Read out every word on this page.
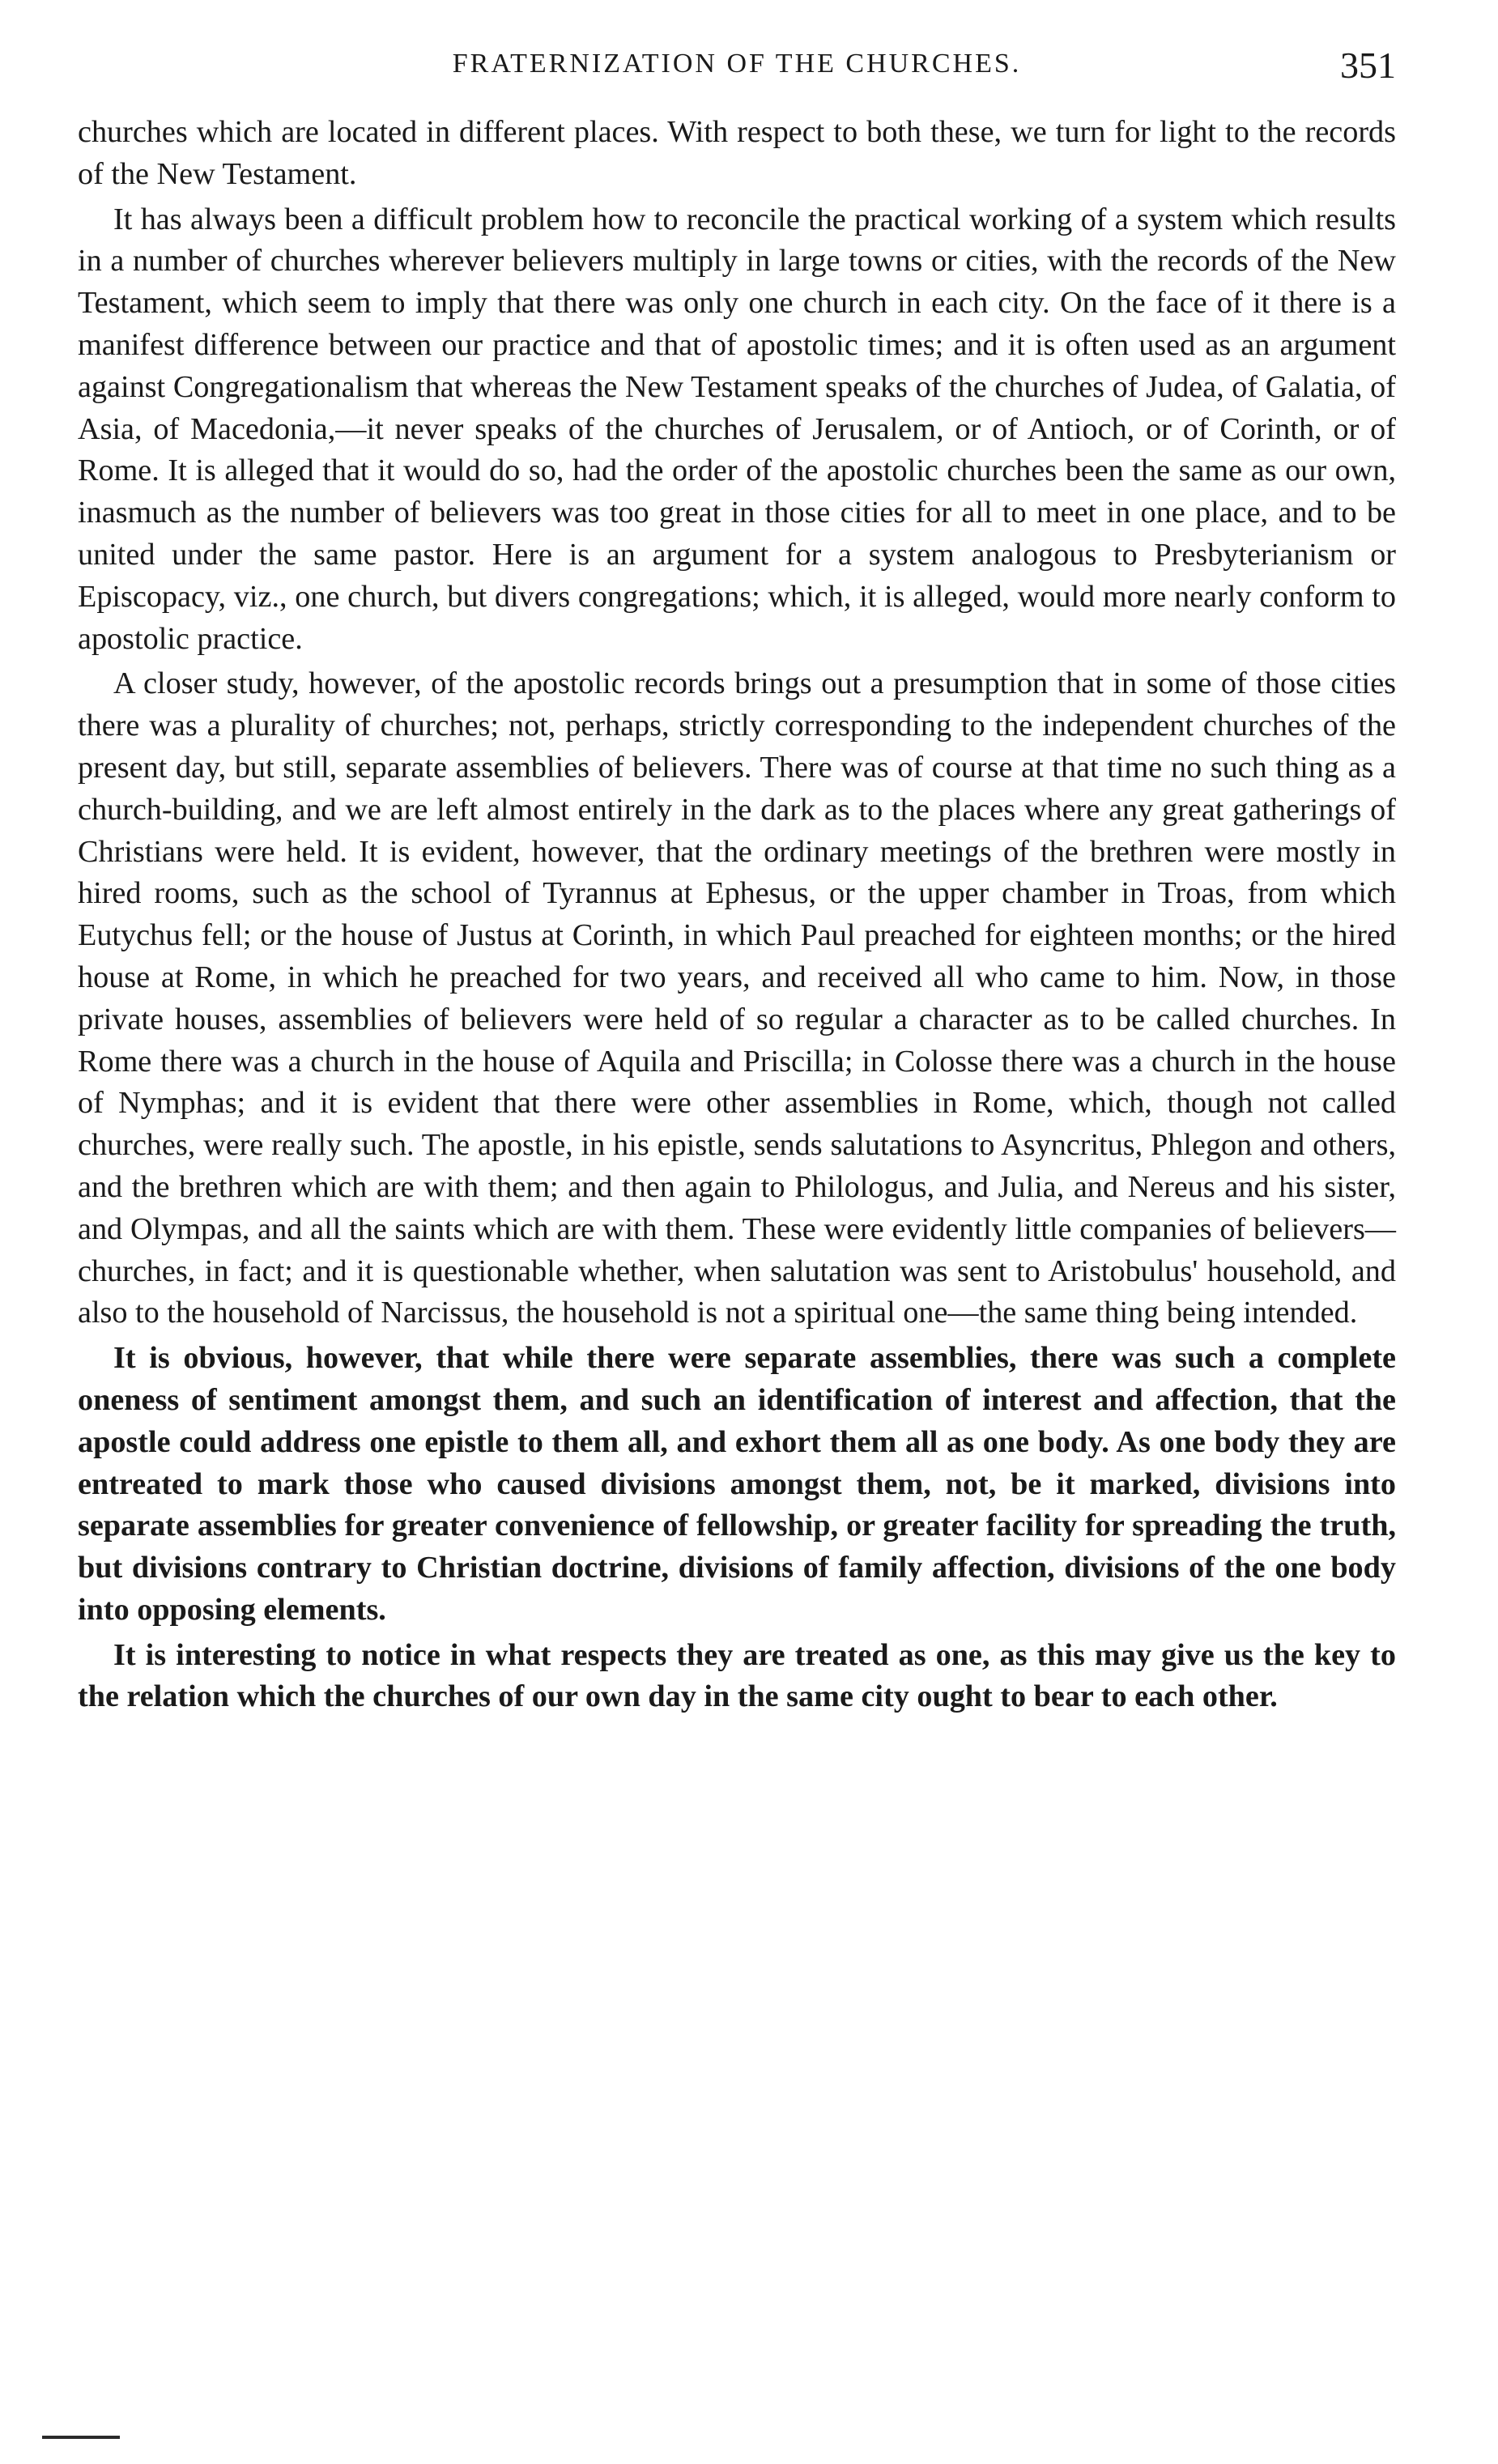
FRATERNIZATION OF THE CHURCHES.	351

churches which are located in different places. With respect to both these, we turn for light to the records of the New Testament.

It has always been a difficult problem how to reconcile the practical working of a system which results in a number of churches wherever believers multiply in large towns or cities, with the records of the New Testament, which seem to imply that there was only one church in each city. On the face of it there is a manifest difference between our practice and that of apostolic times; and it is often used as an argument against Congregationalism that whereas the New Testament speaks of the churches of Judea, of Galatia, of Asia, of Macedonia,—it never speaks of the churches of Jerusalem, or of Antioch, or of Corinth, or of Rome. It is alleged that it would do so, had the order of the apostolic churches been the same as our own, inasmuch as the number of believers was too great in those cities for all to meet in one place, and to be united under the same pastor. Here is an argument for a system analogous to Presbyterianism or Episcopacy, viz., one church, but divers congregations; which, it is alleged, would more nearly conform to apostolic practice.

A closer study, however, of the apostolic records brings out a presumption that in some of those cities there was a plurality of churches; not, perhaps, strictly corresponding to the independent churches of the present day, but still, separate assemblies of believers. There was of course at that time no such thing as a church-building, and we are left almost entirely in the dark as to the places where any great gatherings of Christians were held. It is evident, however, that the ordinary meetings of the brethren were mostly in hired rooms, such as the school of Tyrannus at Ephesus, or the upper chamber in Troas, from which Eutychus fell; or the house of Justus at Corinth, in which Paul preached for eighteen months; or the hired house at Rome, in which he preached for two years, and received all who came to him. Now, in those private houses, assemblies of believers were held of so regular a character as to be called churches. In Rome there was a church in the house of Aquila and Priscilla; in Colosse there was a church in the house of Nymphas; and it is evident that there were other assemblies in Rome, which, though not called churches, were really such. The apostle, in his epistle, sends salutations to Asyncritus, Phlegon and others, and the brethren which are with them; and then again to Philologus, and Julia, and Nereus and his sister, and Olympas, and all the saints which are with them. These were evidently little companies of believers—churches, in fact; and it is questionable whether, when salutation was sent to Aristobulus' household, and also to the household of Narcissus, the household is not a spiritual one—the same thing being intended.

It is obvious, however, that while there were separate assemblies, there was such a complete oneness of sentiment amongst them, and such an identification of interest and affection, that the apostle could address one epistle to them all, and exhort them all as one body. As one body they are entreated to mark those who caused divisions amongst them, not, be it marked, divisions into separate assemblies for greater convenience of fellowship, or greater facility for spreading the truth, but divisions contrary to Christian doctrine, divisions of family affection, divisions of the one body into opposing elements.

It is interesting to notice in what respects they are treated as one, as this may give us the key to the relation which the churches of our own day in the same city ought to bear to each other.
